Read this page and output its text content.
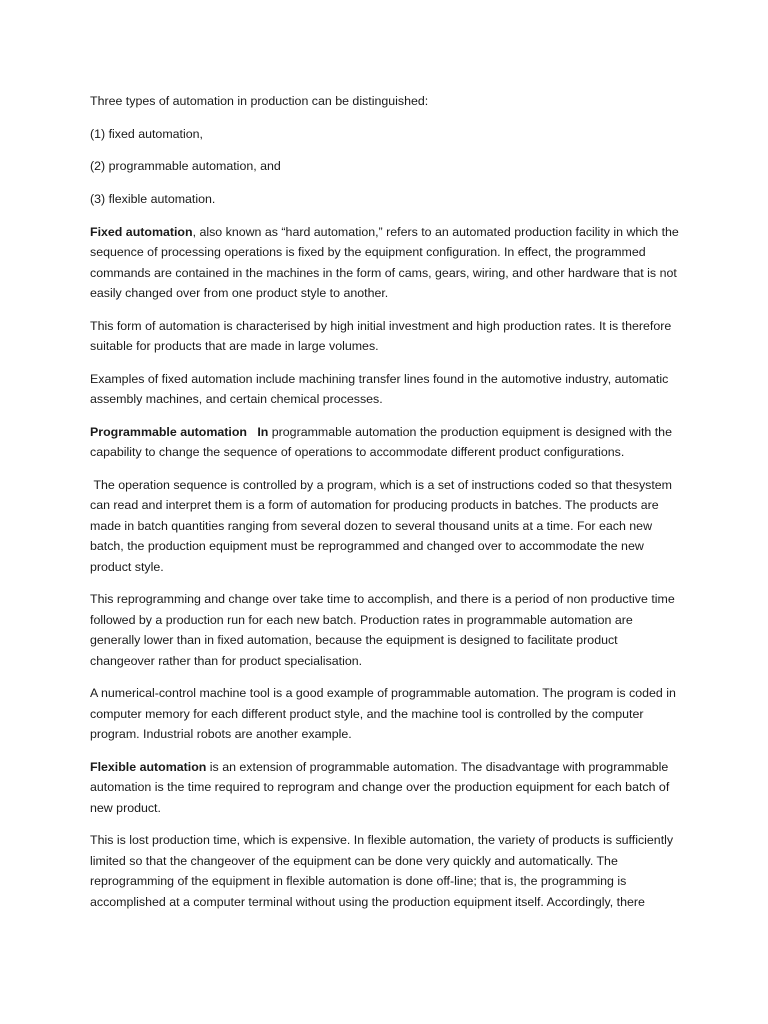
Three types of automation in production can be distinguished:

(1) fixed automation,

(2) programmable automation, and

(3) flexible automation.

Fixed automation, also known as “hard automation,” refers to an automated production facility in which the sequence of processing operations is fixed by the equipment configuration. In effect, the programmed commands are contained in the machines in the form of cams, gears, wiring, and other hardware that is not easily changed over from one product style to another.

This form of automation is characterised by high initial investment and high production rates. It is therefore suitable for products that are made in large volumes.

Examples of fixed automation include machining transfer lines found in the automotive industry, automatic assembly machines, and certain chemical processes.

Programmable automation In programmable automation the production equipment is designed with the capability to change the sequence of operations to accommodate different product configurations.

The operation sequence is controlled by a program, which is a set of instructions coded so that thesystem can read and interpret them is a form of automation for producing products in batches. The products are made in batch quantities ranging from several dozen to several thousand units at a time. For each new batch, the production equipment must be reprogrammed and changed over to accommodate the new product style.

This reprogramming and change over take time to accomplish, and there is a period of non productive time followed by a production run for each new batch. Production rates in programmable automation are generally lower than in fixed automation, because the equipment is designed to facilitate product changeover rather than for product specialisation.

A numerical-control machine tool is a good example of programmable automation. The program is coded in computer memory for each different product style, and the machine tool is controlled by the computer program. Industrial robots are another example.

Flexible automation is an extension of programmable automation. The disadvantage with programmable automation is the time required to reprogram and change over the production equipment for each batch of new product.

This is lost production time, which is expensive. In flexible automation, the variety of products is sufficiently limited so that the changeover of the equipment can be done very quickly and automatically. The reprogramming of the equipment in flexible automation is done off-line; that is, the programming is accomplished at a computer terminal without using the production equipment itself. Accordingly, there
